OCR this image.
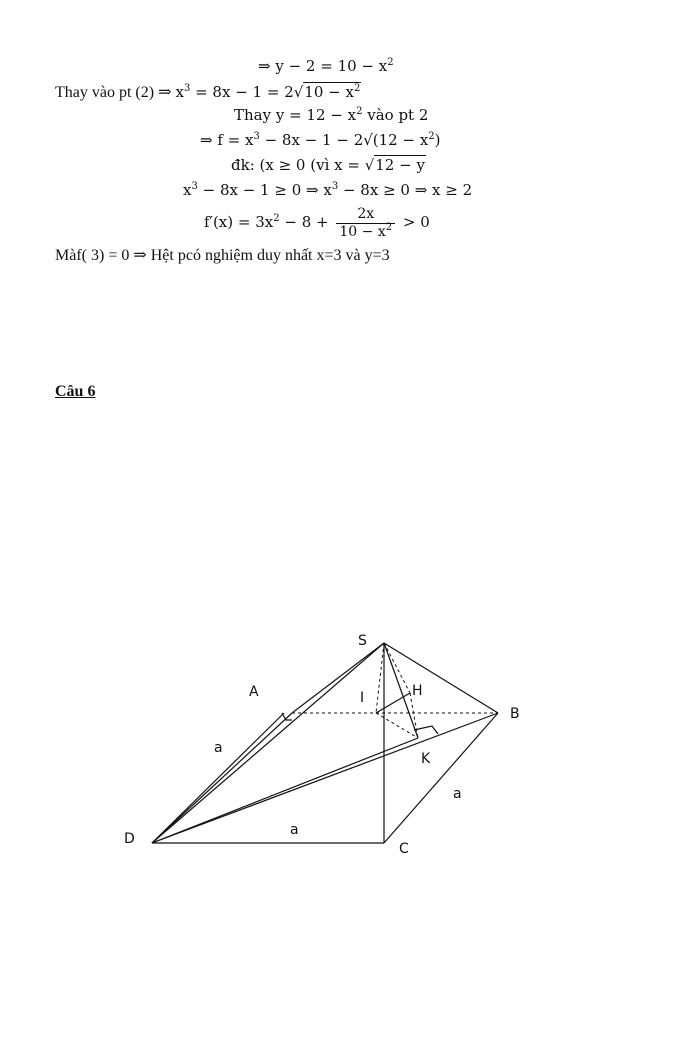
⇒ $y - 2 = 10 - x^2$
Thay vào pt (2) ⇒ $x^3 = 8x - 1 = 2√10 - x^2$
Thay $y = 12 - x^2$ vào pt 2
⇒ $f = x^3 - 8x - 1 - 2√(12 - x^2)$
đk: (x ≥ 0 (vì x = √12 − y
$x^3 - 8x - 1 \ge 0$ ⇒ $x^3 - 8x \ge 0$ ⇒ x ≥ 2
$f'(x) = 3x^2 - 8 + \frac{2x}{10 - x^2} > 0$
Màf( 3) = 0 ⇒ Hệt pcó nghiệm duy nhất x=3 và y=3
Câu 6
S
A
B
C
D
H
I
K
a
a
a
